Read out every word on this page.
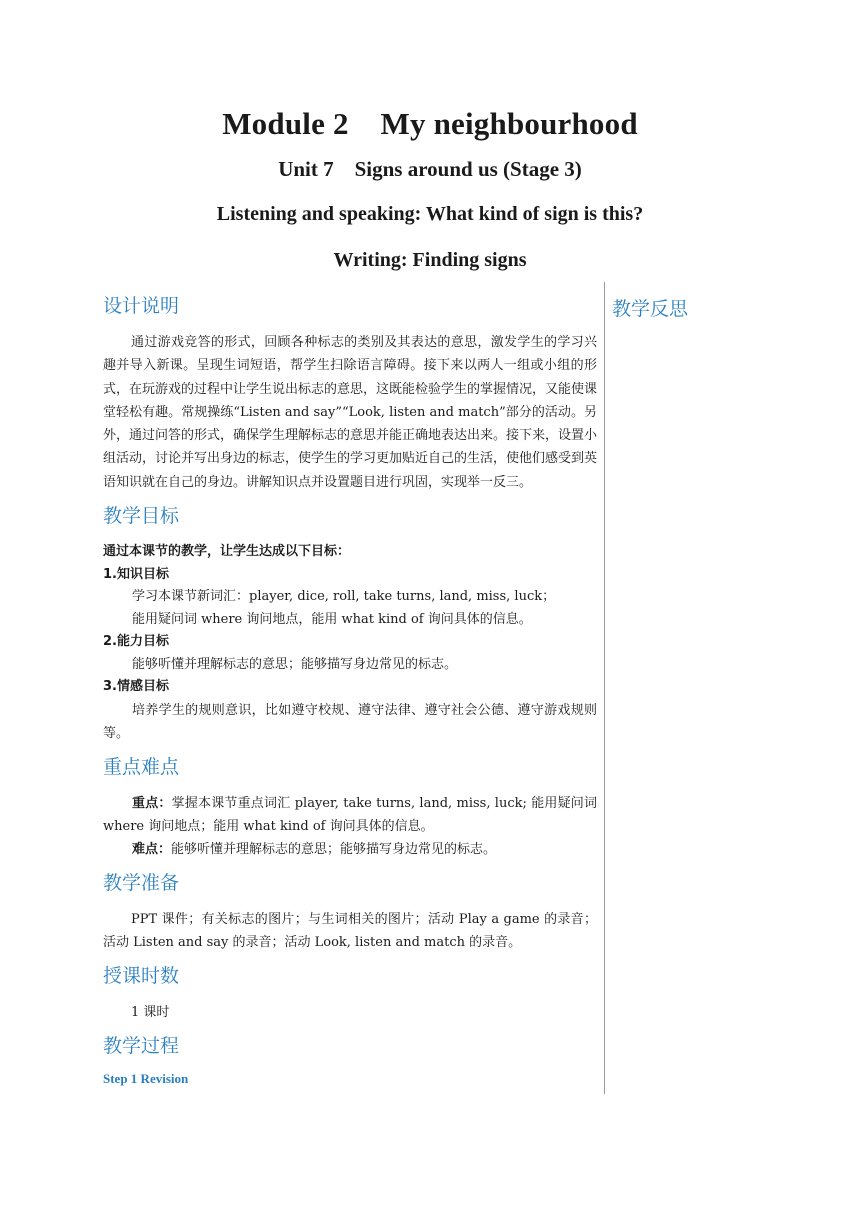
Module 2    My neighbourhood
Unit 7    Signs around us (Stage 3)
Listening and speaking: What kind of sign is this?
Writing: Finding signs
教学反思
设计说明

通过游戏竞答的形式，回顾各种标志的类别及其表达的意思，激发学生的学习兴趣并导入新课。呈现生词短语，帮学生扫除语言障碍。接下来以两人一组或小组的形式，在玩游戏的过程中让学生说出标志的意思，这既能检验学生的掌握情况，又能使课堂轻松有趣。常规操练“Listen and say”“Look, listen and match”部分的活动。另外，通过问答的形式，确保学生理解标志的意思并能正确地表达出来。接下来，设置小组活动，讨论并写出身边的标志，使学生的学习更加贴近自己的生活，使他们感受到英语知识就在自己的身边。讲解知识点并设置题目进行巩固，实现举一反三。

教学目标
通过本课节的教学，让学生达成以下目标：
1.知识目标
学习本课节新词汇：player, dice, roll, take turns, land, miss, luck；
能用疑问词 where 询问地点，能用 what kind of 询问具体的信息。
2.能力目标
能够听懂并理解标志的意思；能够描写身边常见的标志。
3.情感目标
培养学生的规则意识，比如遵守校规、遵守法律、遵守社会公德、遵守游戏规则等。
重点难点
重点：掌握本课节重点词汇 player, take turns, land, miss, luck; 能用疑问词 where 询问地点；能用 what kind of 询问具体的信息。
难点：能够听懂并理解标志的意思；能够描写身边常见的标志。
教学准备

PPT 课件；有关标志的图片；与生词相关的图片；活动 Play a game 的录音；活动 Listen and say 的录音；活动 Look, listen and match 的录音。

授课时数

1 课时

教学过程
Step 1 Revision
